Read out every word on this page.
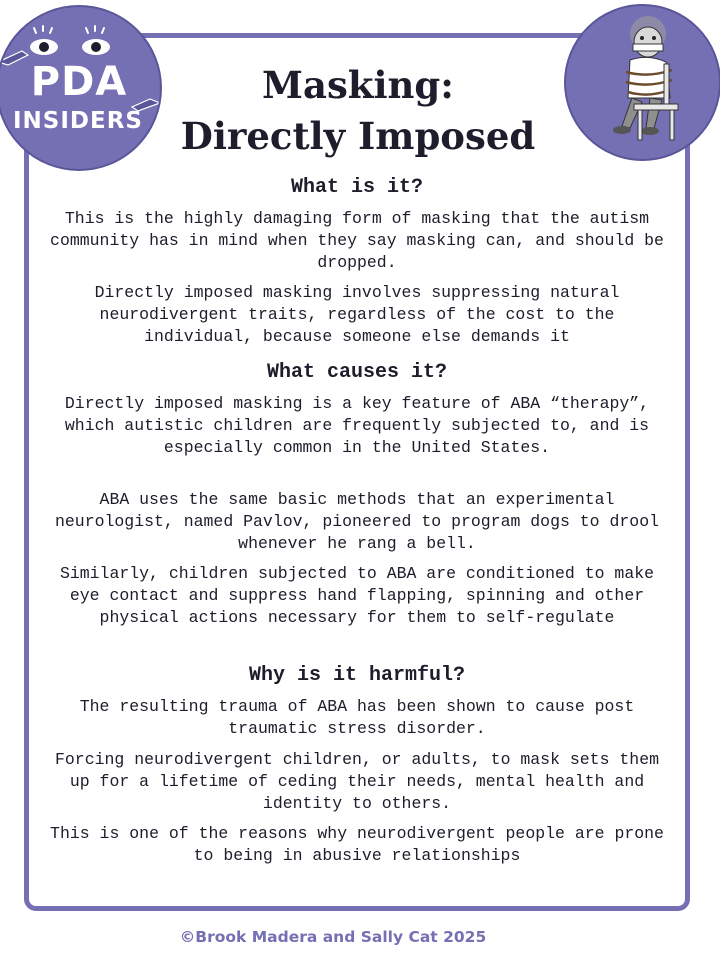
PDA
INSIDERS
Masking:
Directly Imposed
What is it?
This is the highly damaging form of masking that the autism community has in mind when they say masking can, and should be dropped.
Directly imposed masking involves suppressing natural neurodivergent traits, regardless of the cost to the individual, because someone else demands it
What causes it?
Directly imposed masking is a key feature of ABA “therapy”, which autistic children are frequently subjected to, and is especially common in the United States.
ABA uses the same basic methods that an experimental neurologist, named Pavlov, pioneered to program dogs to drool whenever he rang a bell.
Similarly, children subjected to ABA are conditioned to make eye contact and suppress hand flapping, spinning and other physical actions necessary for them to self-regulate
Why is it harmful?
The resulting trauma of ABA has been shown to cause post traumatic stress disorder.
Forcing neurodivergent children, or adults, to mask sets them up for a lifetime of ceding their needs, mental health and identity to others.
This is one of the reasons why neurodivergent people are prone to being in abusive relationships
©Brook Madera and Sally Cat 2025
